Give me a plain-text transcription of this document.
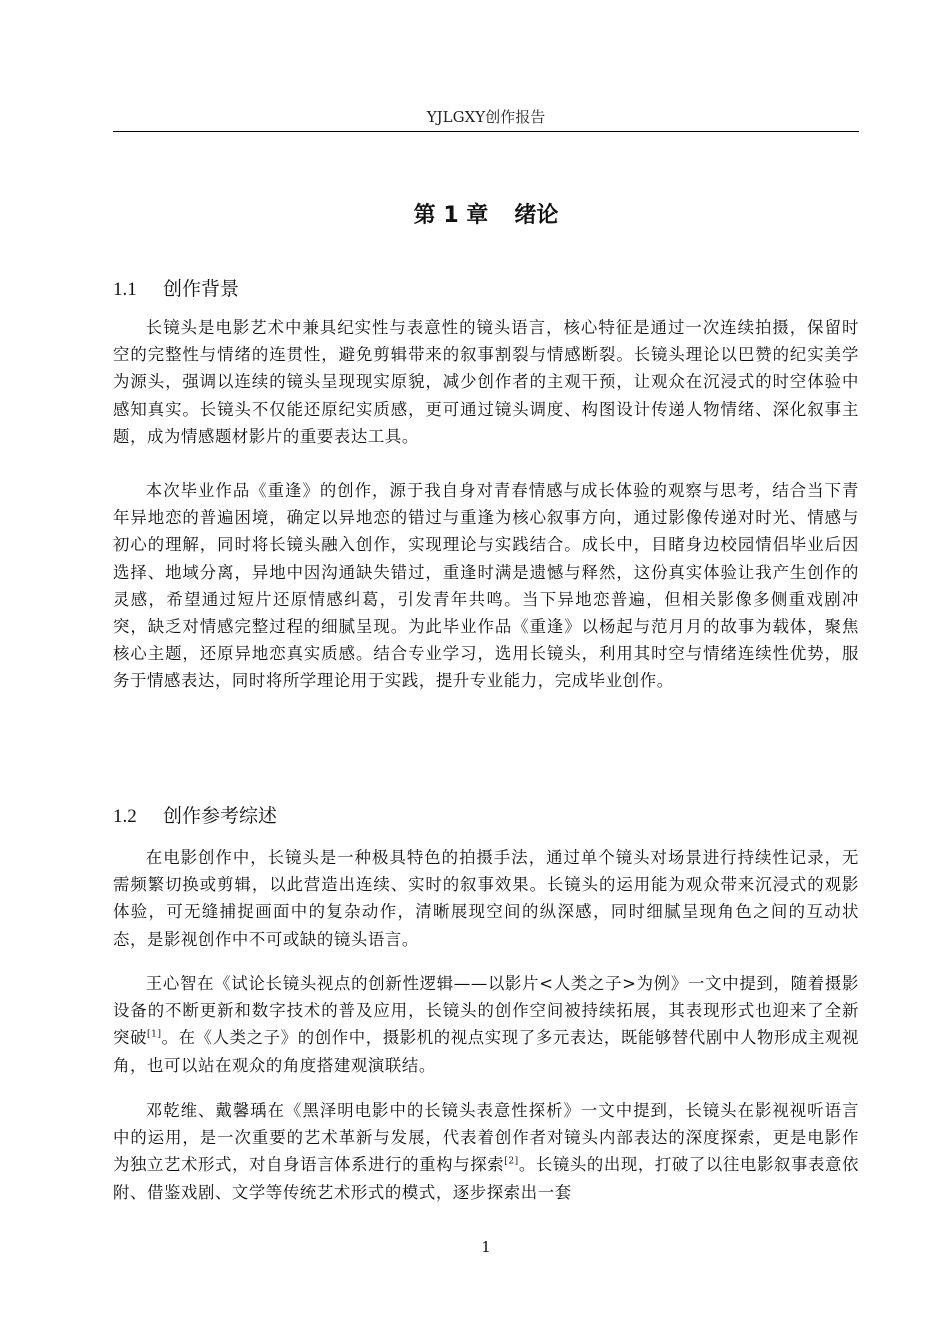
YJLGXY创作报告
第 1 章 绪论
1.1 创作背景

长镜头是电影艺术中兼具纪实性与表意性的镜头语言，核心特征是通过一次连续拍摄，保留时空的完整性与情绪的连贯性，避免剪辑带来的叙事割裂与情感断裂。长镜头理论以巴赞的纪实美学为源头，强调以连续的镜头呈现现实原貌，减少创作者的主观干预，让观众在沉浸式的时空体验中感知真实。长镜头不仅能还原纪实质感，更可通过镜头调度、构图设计传递人物情绪、深化叙事主题，成为情感题材影片的重要表达工具。

本次毕业作品《重逢》的创作，源于我自身对青春情感与成长体验的观察与思考，结合当下青年异地恋的普遍困境，确定以异地恋的错过与重逢为核心叙事方向，通过影像传递对时光、情感与初心的理解，同时将长镜头融入创作，实现理论与实践结合。成长中，目睹身边校园情侣毕业后因选择、地域分离，异地中因沟通缺失错过，重逢时满是遗憾与释然，这份真实体验让我产生创作的灵感，希望通过短片还原情感纠葛，引发青年共鸣。当下异地恋普遍，但相关影像多侧重戏剧冲突，缺乏对情感完整过程的细腻呈现。为此毕业作品《重逢》以杨起与范月月的故事为载体，聚焦核心主题，还原异地恋真实质感。结合专业学习，选用长镜头，利用其时空与情绪连续性优势，服务于情感表达，同时将所学理论用于实践，提升专业能力，完成毕业创作。

1.2 创作参考综述

在电影创作中，长镜头是一种极具特色的拍摄手法，通过单个镜头对场景进行持续性记录，无需频繁切换或剪辑，以此营造出连续、实时的叙事效果。长镜头的运用能为观众带来沉浸式的观影体验，可无缝捕捉画面中的复杂动作，清晰展现空间的纵深感，同时细腻呈现角色之间的互动状态，是影视创作中不可或缺的镜头语言。

王心智在《试论长镜头视点的创新性逻辑——以影片<人类之子>为例》一文中提到，随着摄影设备的不断更新和数字技术的普及应用，长镜头的创作空间被持续拓展，其表现形式也迎来了全新突破[1]。在《人类之子》的创作中，摄影机的视点实现了多元表达，既能够替代剧中人物形成主观视角，也可以站在观众的角度搭建观演联结。

邓乾维、戴馨瑀在《黑泽明电影中的长镜头表意性探析》一文中提到，长镜头在影视视听语言中的运用，是一次重要的艺术革新与发展，代表着创作者对镜头内部表达的深度探索，更是电影作为独立艺术形式，对自身语言体系进行的重构与探索[2]。长镜头的出现，打破了以往电影叙事表意依附、借鉴戏剧、文学等传统艺术形式的模式，逐步探索出一套

1
